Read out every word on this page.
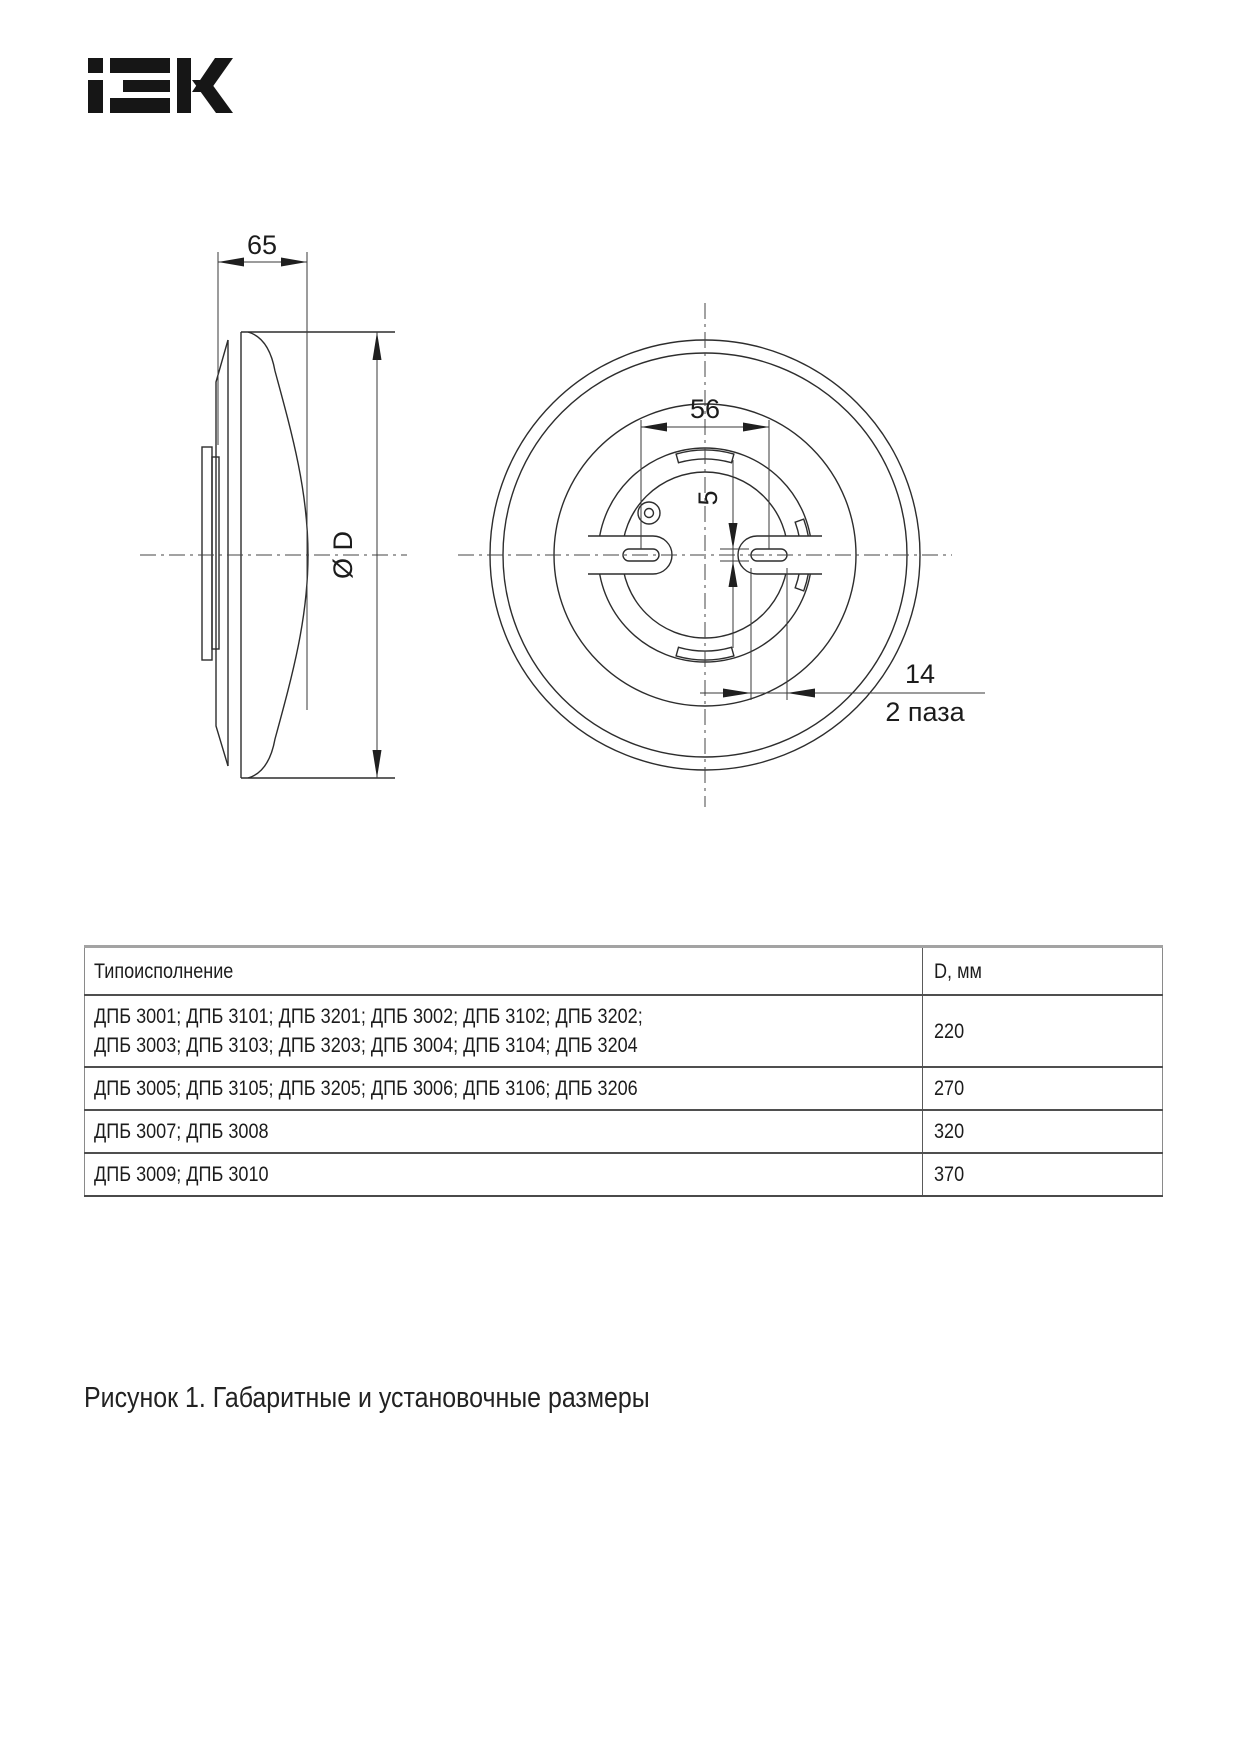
65
Ø D
56
5
14
2 паза
Типоисполнение	D, мм

ДПБ 3001; ДПБ 3101; ДПБ 3201; ДПБ 3002; ДПБ 3102; ДПБ 3202;
ДПБ 3003; ДПБ 3103; ДПБ 3203; ДПБ 3004; ДПБ 3104; ДПБ 3204	220
ДПБ 3005; ДПБ 3105; ДПБ 3205; ДПБ 3006; ДПБ 3106; ДПБ 3206	270
ДПБ 3007; ДПБ 3008	320
ДПБ 3009; ДПБ 3010	370
Рисунок 1. Габаритные и установочные размеры
